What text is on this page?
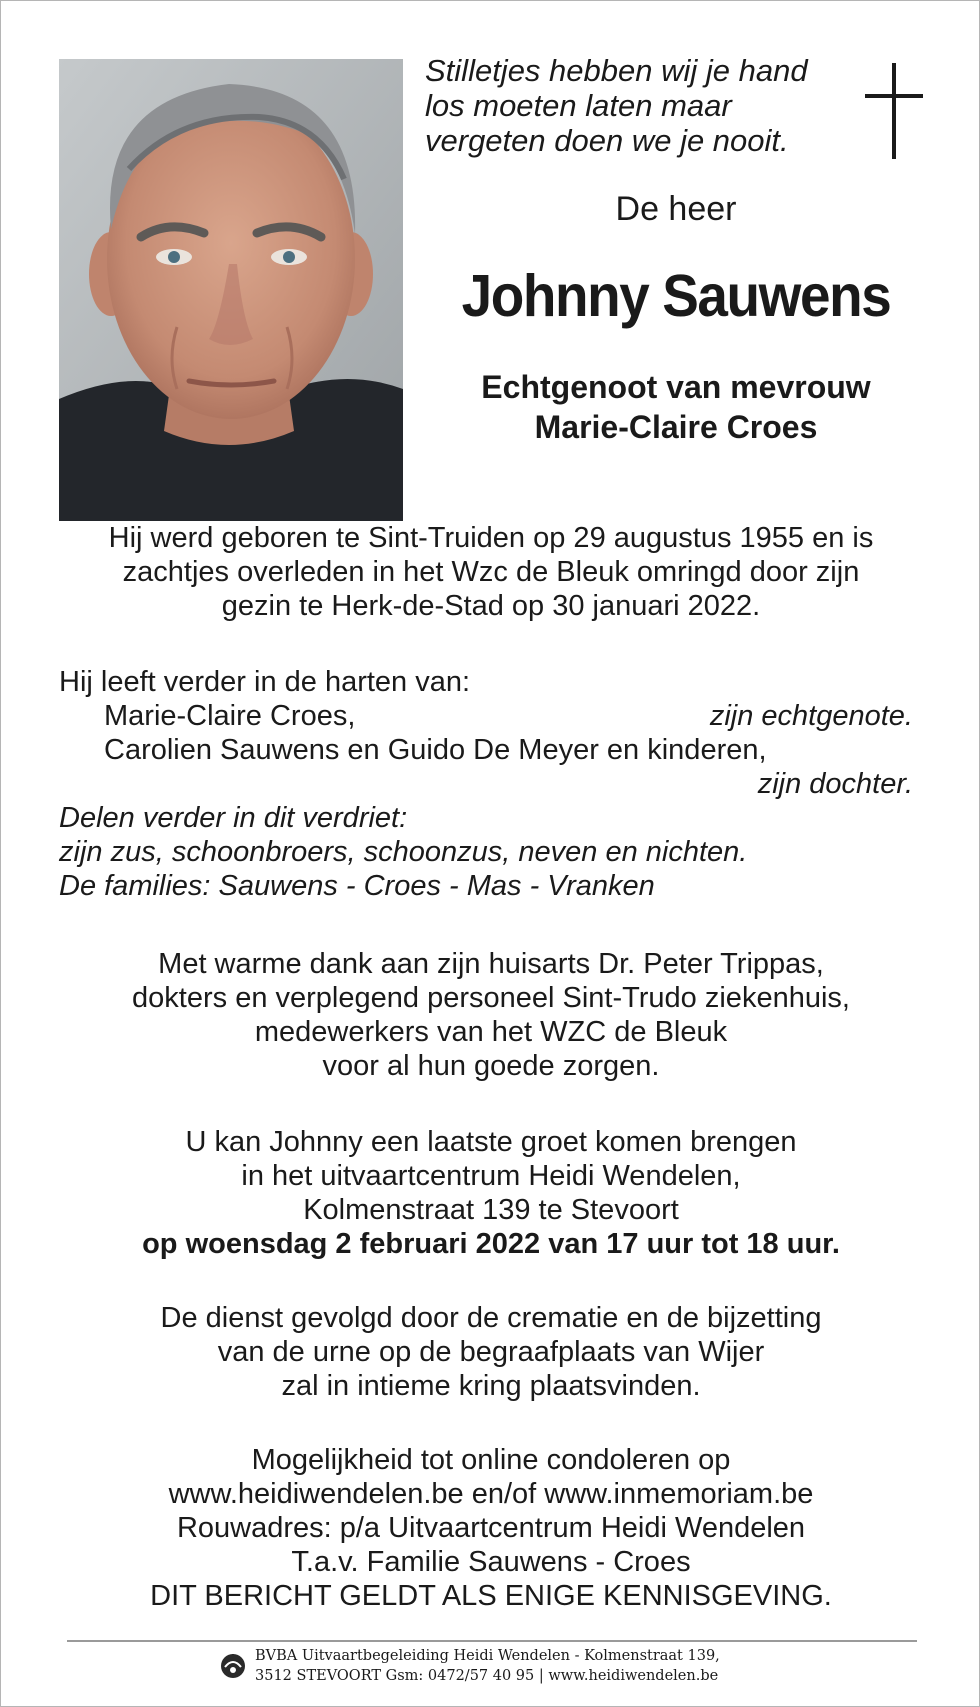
Stilletjes hebben wij je hand
los moeten laten maar
vergeten doen we je nooit.
De heer
Johnny Sauwens
Echtgenoot van mevrouw
Marie-Claire Croes
Hij werd geboren te Sint-Truiden op 29 augustus 1955 en is
zachtjes overleden in het Wzc de Bleuk omringd door zijn
gezin te Herk-de-Stad op 30 januari 2022.
Hij leeft verder in de harten van:
Marie-Claire Croes,	zijn echtgenote.
Carolien Sauwens en Guido De Meyer en kinderen,
zijn dochter.
Delen verder in dit verdriet:
zijn zus, schoonbroers, schoonzus, neven en nichten.
De families: Sauwens - Croes - Mas - Vranken
Met warme dank aan zijn huisarts Dr. Peter Trippas,
dokters en verplegend personeel Sint-Trudo ziekenhuis,
medewerkers van het WZC de Bleuk
voor al hun goede zorgen.
U kan Johnny een laatste groet komen brengen
in het uitvaartcentrum Heidi Wendelen,
Kolmenstraat 139 te Stevoort
op woensdag 2 februari 2022 van 17 uur tot 18 uur.
De dienst gevolgd door de crematie en de bijzetting
van de urne op de begraafplaats van Wijer
zal in intieme kring plaatsvinden.
Mogelijkheid tot online condoleren op
www.heidiwendelen.be en/of www.inmemoriam.be
Rouwadres: p/a Uitvaartcentrum Heidi Wendelen
T.a.v. Familie Sauwens - Croes
DIT BERICHT GELDT ALS ENIGE KENNISGEVING.
BVBA Uitvaartbegeleiding Heidi Wendelen - Kolmenstraat 139,
3512 STEVOORT Gsm: 0472/57 40 95 | www.heidiwendelen.be
